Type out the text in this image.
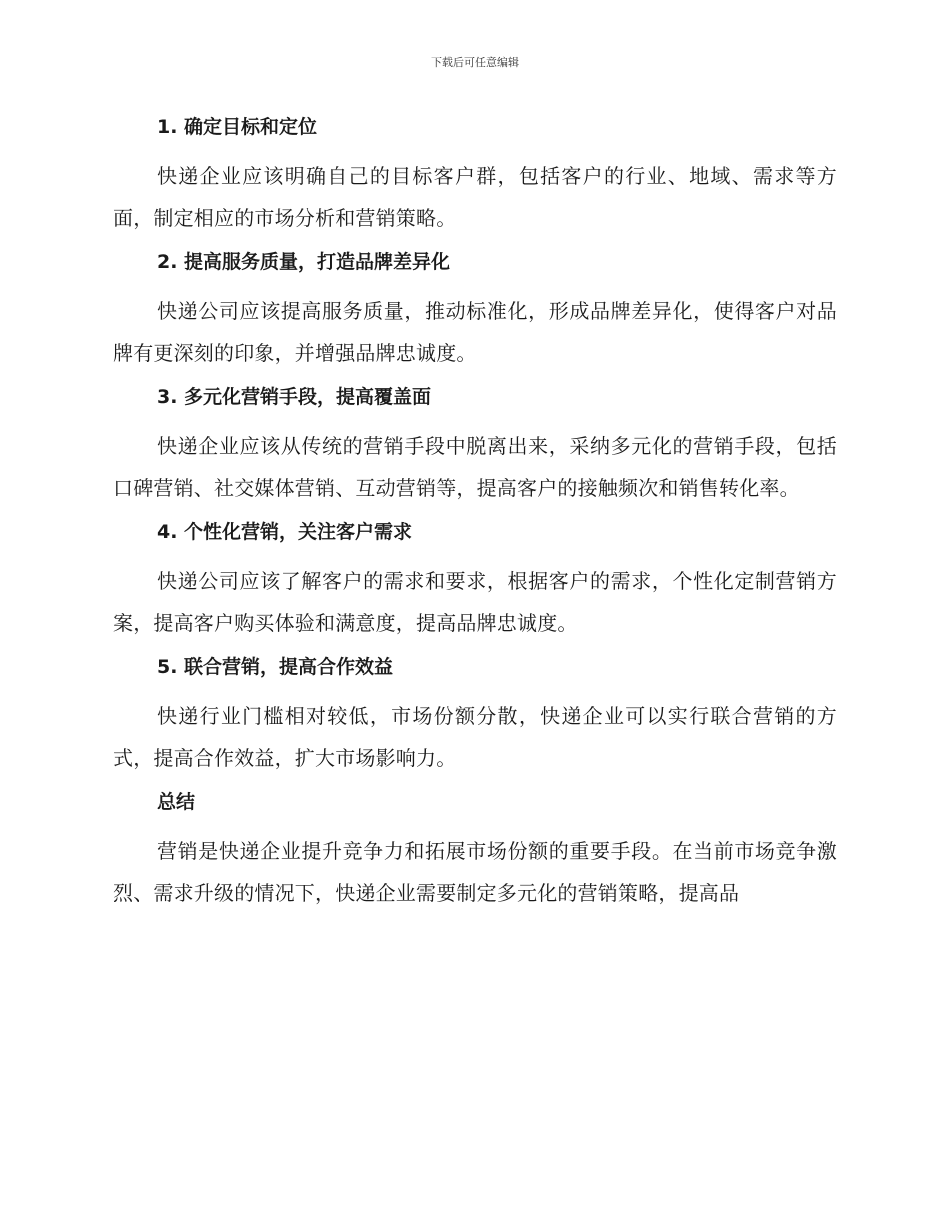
下载后可任意编辑
1. 确定目标和定位

快递企业应该明确自己的目标客户群，包括客户的行业、地域、需求等方面，制定相应的市场分析和营销策略。

2. 提高服务质量，打造品牌差异化

快递公司应该提高服务质量，推动标准化，形成品牌差异化，使得客户对品牌有更深刻的印象，并增强品牌忠诚度。

3. 多元化营销手段，提高覆盖面

快递企业应该从传统的营销手段中脱离出来，采纳多元化的营销手段，包括口碑营销、社交媒体营销、互动营销等，提高客户的接触频次和销售转化率。

4. 个性化营销，关注客户需求

快递公司应该了解客户的需求和要求，根据客户的需求，个性化定制营销方案，提高客户购买体验和满意度，提高品牌忠诚度。

5. 联合营销，提高合作效益

快递行业门槛相对较低，市场份额分散，快递企业可以实行联合营销的方式，提高合作效益，扩大市场影响力。

总结

营销是快递企业提升竞争力和拓展市场份额的重要手段。在当前市场竞争激烈、需求升级的情况下，快递企业需要制定多元化的营销策略，提高品
